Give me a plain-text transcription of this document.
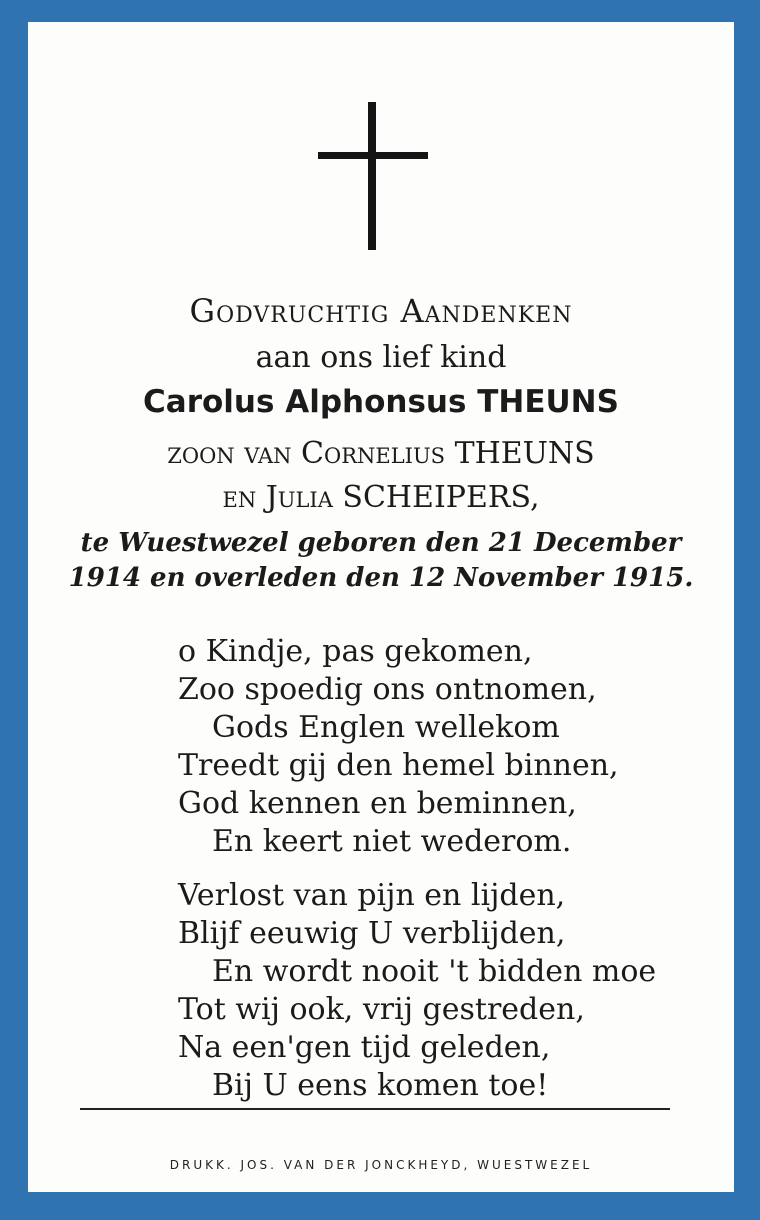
Godvruchtig Aandenken
aan ons lief kind
Carolus Alphonsus THEUNS
zoon van Cornelius THEUNS
en Julia SCHEIPERS,
te Wuestwezel geboren den 21 December
1914 en overleden den 12 November 1915.
o Kindje, pas gekomen,
Zoo spoedig ons ontnomen,
Gods Englen wellekom
Treedt gij den hemel binnen,
God kennen en beminnen,
En keert niet wederom.
Verlost van pijn en lijden,
Blijf eeuwig U verblijden,
En wordt nooit 't bidden moe
Tot wij ook, vrij gestreden,
Na een'gen tijd geleden,
Bij U eens komen toe!
DRUKK. JOS. VAN DER JONCKHEYD, WUESTWEZEL
